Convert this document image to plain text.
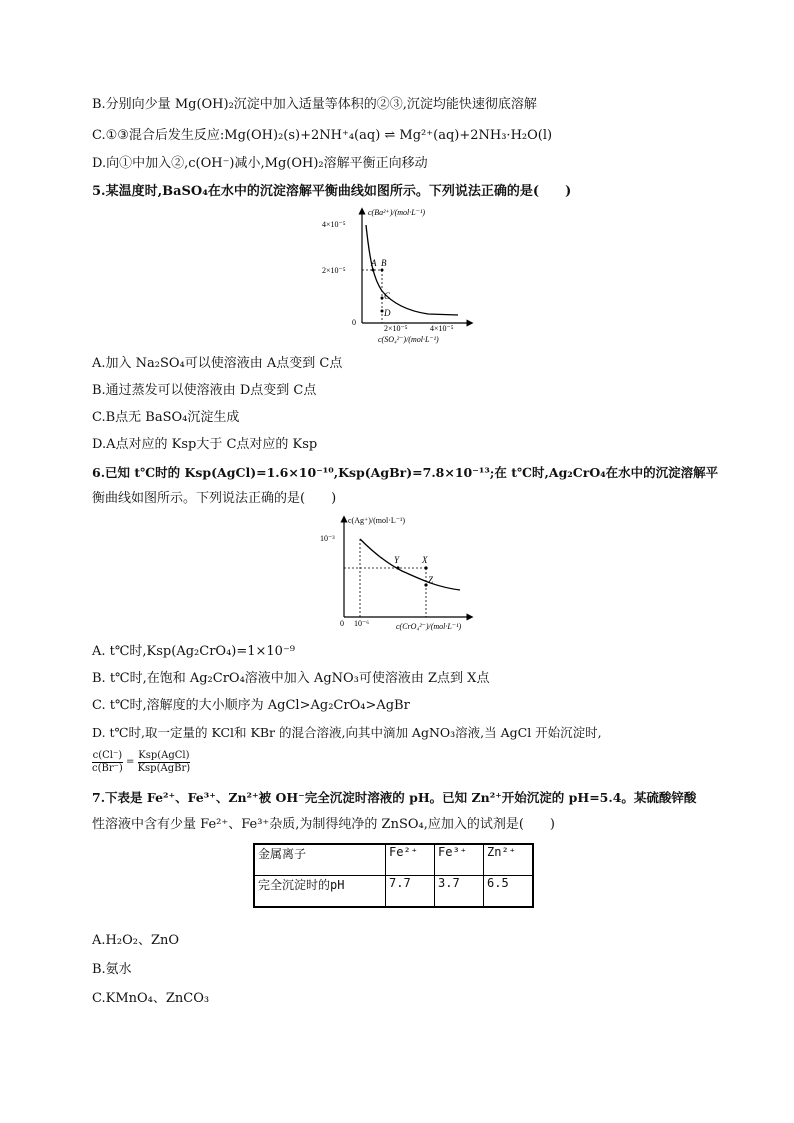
B.分别向少量 Mg(OH)₂沉淀中加入适量等体积的②③,沉淀均能快速彻底溶解
C.①③混合后发生反应:Mg(OH)₂(s)+2NH⁺₄(aq) ⇌ Mg²⁺(aq)+2NH₃·H₂O(l)
D.向①中加入②,c(OH⁻)减小,Mg(OH)₂溶解平衡正向移动
5.某温度时,BaSO₄在水中的沉淀溶解平衡曲线如图所示。下列说法正确的是(　　)
c(Ba²⁺)/(mol·L⁻¹)
4×10⁻⁵
2×10⁻⁵
0
2×10⁻⁵	4×10⁻⁵
c(SO₄²⁻)/(mol·L⁻¹)
A B
C
D
A.加入 Na₂SO₄可以使溶液由 A点变到 C点
B.通过蒸发可以使溶液由 D点变到 C点
C.B点无 BaSO₄沉淀生成
D.A点对应的 Ksp大于 C点对应的 Ksp
6.已知 t℃时的 Ksp(AgCl)=1.6×10⁻¹⁰,Ksp(AgBr)=7.8×10⁻¹³;在 t℃时,Ag₂CrO₄在水中的沉淀溶解平
衡曲线如图所示。下列说法正确的是(　　)
c(Ag⁺)/(mol·L⁻¹)
10⁻³
0 10⁻⁶	c(CrO₄²⁻)/(mol·L⁻¹)
Y	X
Z
A. t℃时,Ksp(Ag₂CrO₄)=1×10⁻⁹
B. t℃时,在饱和 Ag₂CrO₄溶液中加入 AgNO₃可使溶液由 Z点到 X点
C. t℃时,溶解度的大小顺序为 AgCl>Ag₂CrO₄>AgBr
D. t℃时,取一定量的 KCl和 KBr 的混合溶液,向其中滴加 AgNO₃溶液,当 AgCl 开始沉淀时,
$\frac{c(Cl^-)}{c(Br^-)} = \frac{\text{Ksp(AgCl)}}{\text{Ksp(AgBr)}}$
7.下表是 Fe²⁺、Fe³⁺、Zn²⁺被 OH⁻完全沉淀时溶液的 pH。已知 Zn²⁺开始沉淀的 pH=5.4。某硫酸锌酸
性溶液中含有少量 Fe²⁺、Fe³⁺杂质,为制得纯净的 ZnSO₄,应加入的试剂是(　　)
金属离子	Fe²⁺	Fe³⁺	Zn²⁺
完全沉淀时的pH	7.7	3.7	6.5
A.H₂O₂、ZnO
B.氨水
C.KMnO₄、ZnCO₃
